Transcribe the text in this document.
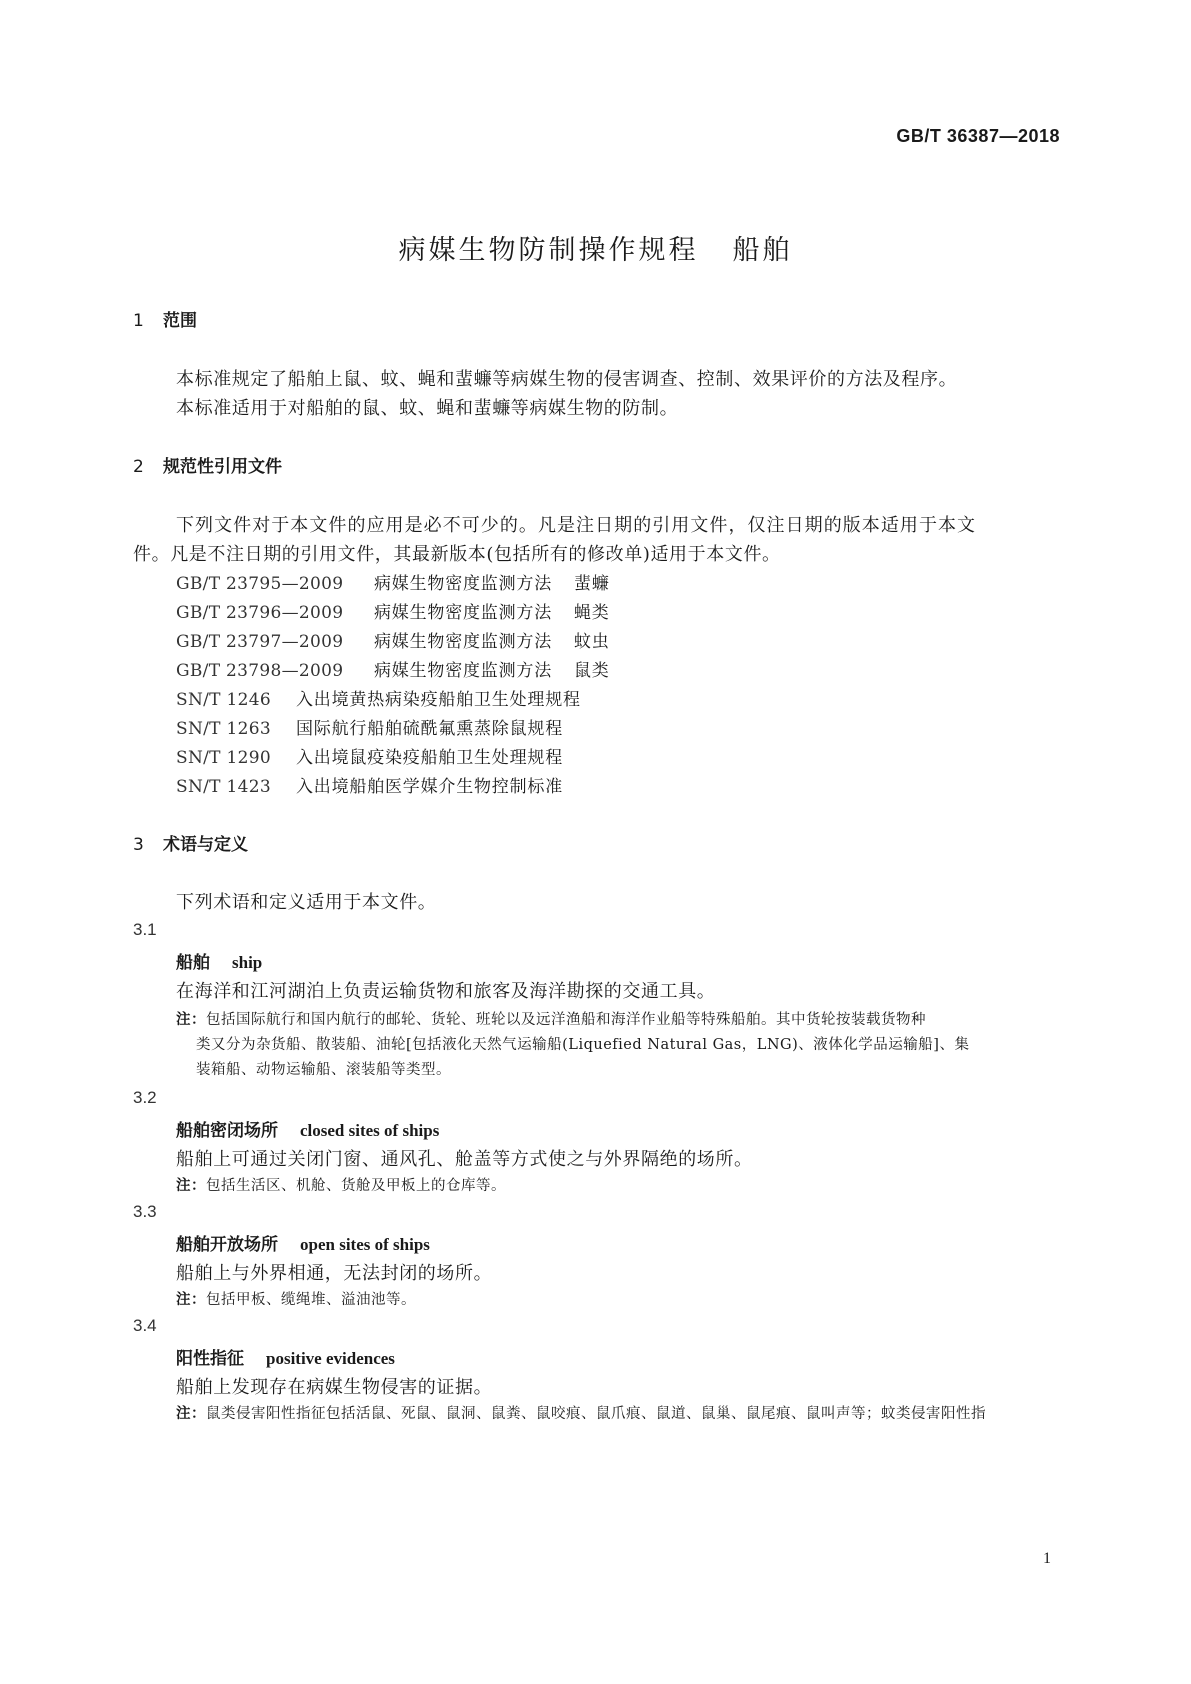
GB/T 36387—2018
病媒生物防制操作规程 船舶
1 范围
本标准规定了船舶上鼠、蚊、蝇和蜚蠊等病媒生物的侵害调查、控制、效果评价的方法及程序。
本标准适用于对船舶的鼠、蚊、蝇和蜚蠊等病媒生物的防制。
2 规范性引用文件
下列文件对于本文件的应用是必不可少的。凡是注日期的引用文件，仅注日期的版本适用于本文
件。凡是不注日期的引用文件，其最新版本(包括所有的修改单)适用于本文件。
GB/T 23795—2009 病媒生物密度监测方法 蜚蠊
GB/T 23796—2009 病媒生物密度监测方法 蝇类
GB/T 23797—2009 病媒生物密度监测方法 蚊虫
GB/T 23798—2009 病媒生物密度监测方法 鼠类
SN/T 1246 入出境黄热病染疫船舶卫生处理规程
SN/T 1263 国际航行船舶硫酰氟熏蒸除鼠规程
SN/T 1290 入出境鼠疫染疫船舶卫生处理规程
SN/T 1423 入出境船舶医学媒介生物控制标准
3 术语与定义
下列术语和定义适用于本文件。
3.1
船舶 ship
在海洋和江河湖泊上负责运输货物和旅客及海洋勘探的交通工具。
注：包括国际航行和国内航行的邮轮、货轮、班轮以及远洋渔船和海洋作业船等特殊船舶。其中货轮按装载货物种
类又分为杂货船、散装船、油轮[包括液化天然气运输船(Liquefied Natural Gas，LNG)、液体化学品运输船]、集
装箱船、动物运输船、滚装船等类型。
3.2
船舶密闭场所 closed sites of ships
船舶上可通过关闭门窗、通风孔、舱盖等方式使之与外界隔绝的场所。
注：包括生活区、机舱、货舱及甲板上的仓库等。
3.3
船舶开放场所 open sites of ships
船舶上与外界相通，无法封闭的场所。
注：包括甲板、缆绳堆、溢油池等。
3.4
阳性指征 positive evidences
船舶上发现存在病媒生物侵害的证据。
注：鼠类侵害阳性指征包括活鼠、死鼠、鼠洞、鼠粪、鼠咬痕、鼠爪痕、鼠道、鼠巢、鼠尾痕、鼠叫声等；蚊类侵害阳性指
1
